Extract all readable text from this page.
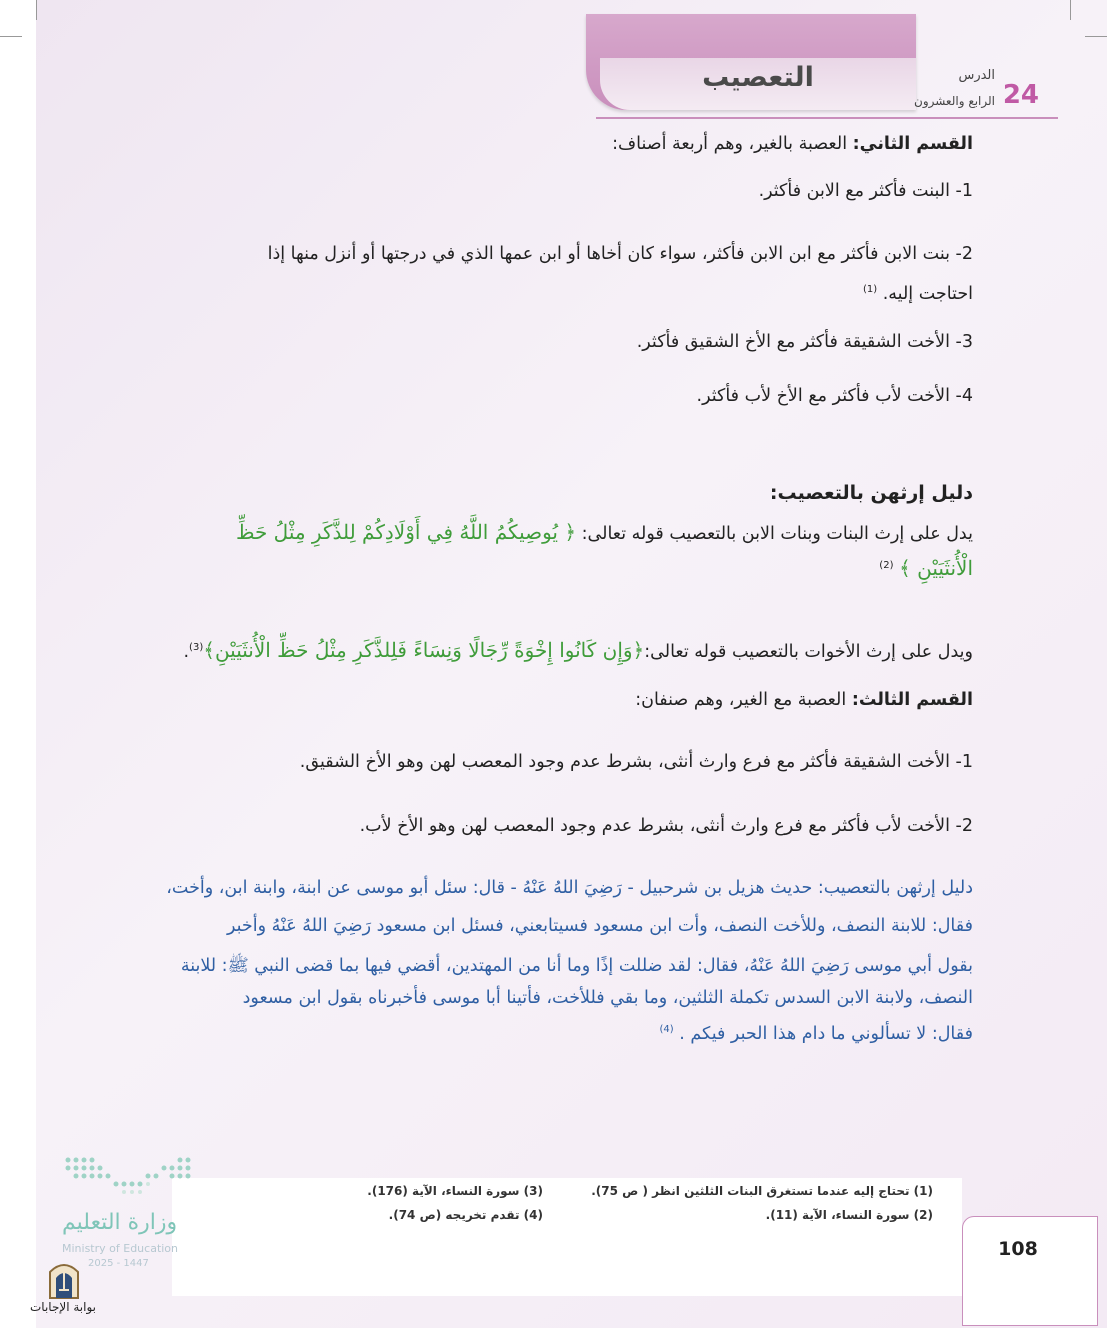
التعصيب	الدرس
الرابع والعشرون 24
القسم الثاني: العصبة بالغير، وهم أربعة أصناف:
1- البنت فأكثر مع الابن فأكثر.
2- بنت الابن فأكثر مع ابن الابن فأكثر، سواء كان أخاها أو ابن عمها الذي في درجتها أو أنزل منها إذا
احتاجت إليه. $^{(1)}$
3- الأخت الشقيقة فأكثر مع الأخ الشقيق فأكثر.
4- الأخت لأب فأكثر مع الأخ لأب فأكثر.
دليل إرثهن بالتعصيب:
يدل على إرث البنات وبنات الابن بالتعصيب قوله تعالى: ﴿ يُوصِيكُمُ اللَّهُ فِي أَوْلَادِكُمْ لِلذَّكَرِ مِثْلُ حَظِّ
الْأُنثَيَيْنِ ﴾ $^{(2)}$
ويدل على إرث الأخوات بالتعصيب قوله تعالى:﴿وَإِن كَانُوا إِخْوَةً رِّجَالًا وَنِسَاءً فَلِلذَّكَرِ مِثْلُ حَظِّ الْأُنثَيَيْنِ﴾$^{(3)}$.
القسم الثالث: العصبة مع الغير، وهم صنفان:
1- الأخت الشقيقة فأكثر مع فرع وارث أنثى، بشرط عدم وجود المعصب لهن وهو الأخ الشقيق.
2- الأخت لأب فأكثر مع فرع وارث أنثى، بشرط عدم وجود المعصب لهن وهو الأخ لأب.
دليل إرثهن بالتعصيب: حديث هزيل بن شرحبيل - رَضِيَ اللهُ عَنْهُ - قال: سئل أبو موسى عن ابنة، وابنة ابن، وأخت،
فقال: للابنة النصف، وللأخت النصف، وأت ابن مسعود فسيتابعني، فسئل ابن مسعود رَضِيَ اللهُ عَنْهُ وأخبر
بقول أبي موسى رَضِيَ اللهُ عَنْهُ، فقال: لقد ضللت إذًا وما أنا من المهتدين، أقضي فيها بما قضى النبي ﷺ: للابنة
النصف، ولابنة الابن السدس تكملة الثلثين، وما بقي فللأخت، فأتينا أبا موسى فأخبرناه بقول ابن مسعود
فقال: لا تسألوني ما دام هذا الحبر فيكم . $^{(4)}$
(1) تحتاج إليه عندما تستغرق البنات الثلثين انظر ( ص 75).
(2) سورة النساء، الآية (11).
(3) سورة النساء، الآية (176).
(4) تقدم تخريجه (ص 74).
108
وزارة التعليم
Ministry of Education
2025 - 1447
بوابة الإجابات
